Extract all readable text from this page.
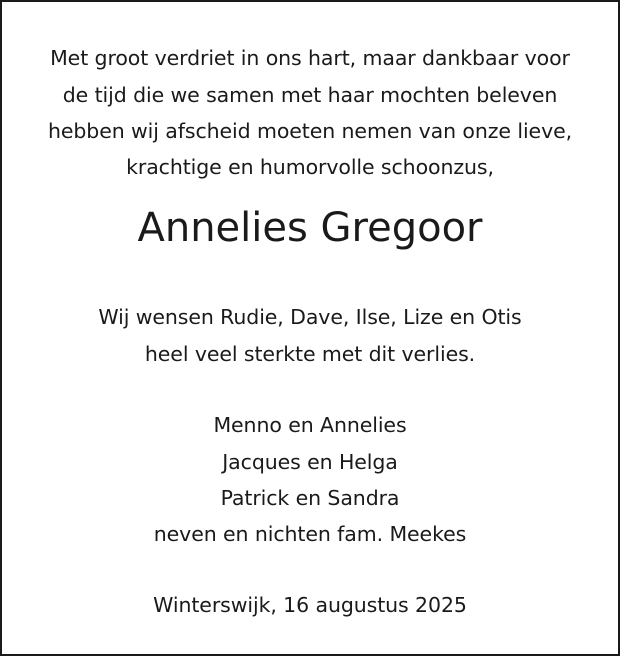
Met groot verdriet in ons hart, maar dankbaar voor
de tijd die we samen met haar mochten beleven
hebben wij afscheid moeten nemen van onze lieve,
krachtige en humorvolle schoonzus,
Annelies Gregoor
Wij wensen Rudie, Dave, Ilse, Lize en Otis
heel veel sterkte met dit verlies.
Menno en Annelies
Jacques en Helga
Patrick en Sandra
neven en nichten fam. Meekes
Winterswijk, 16 augustus 2025
